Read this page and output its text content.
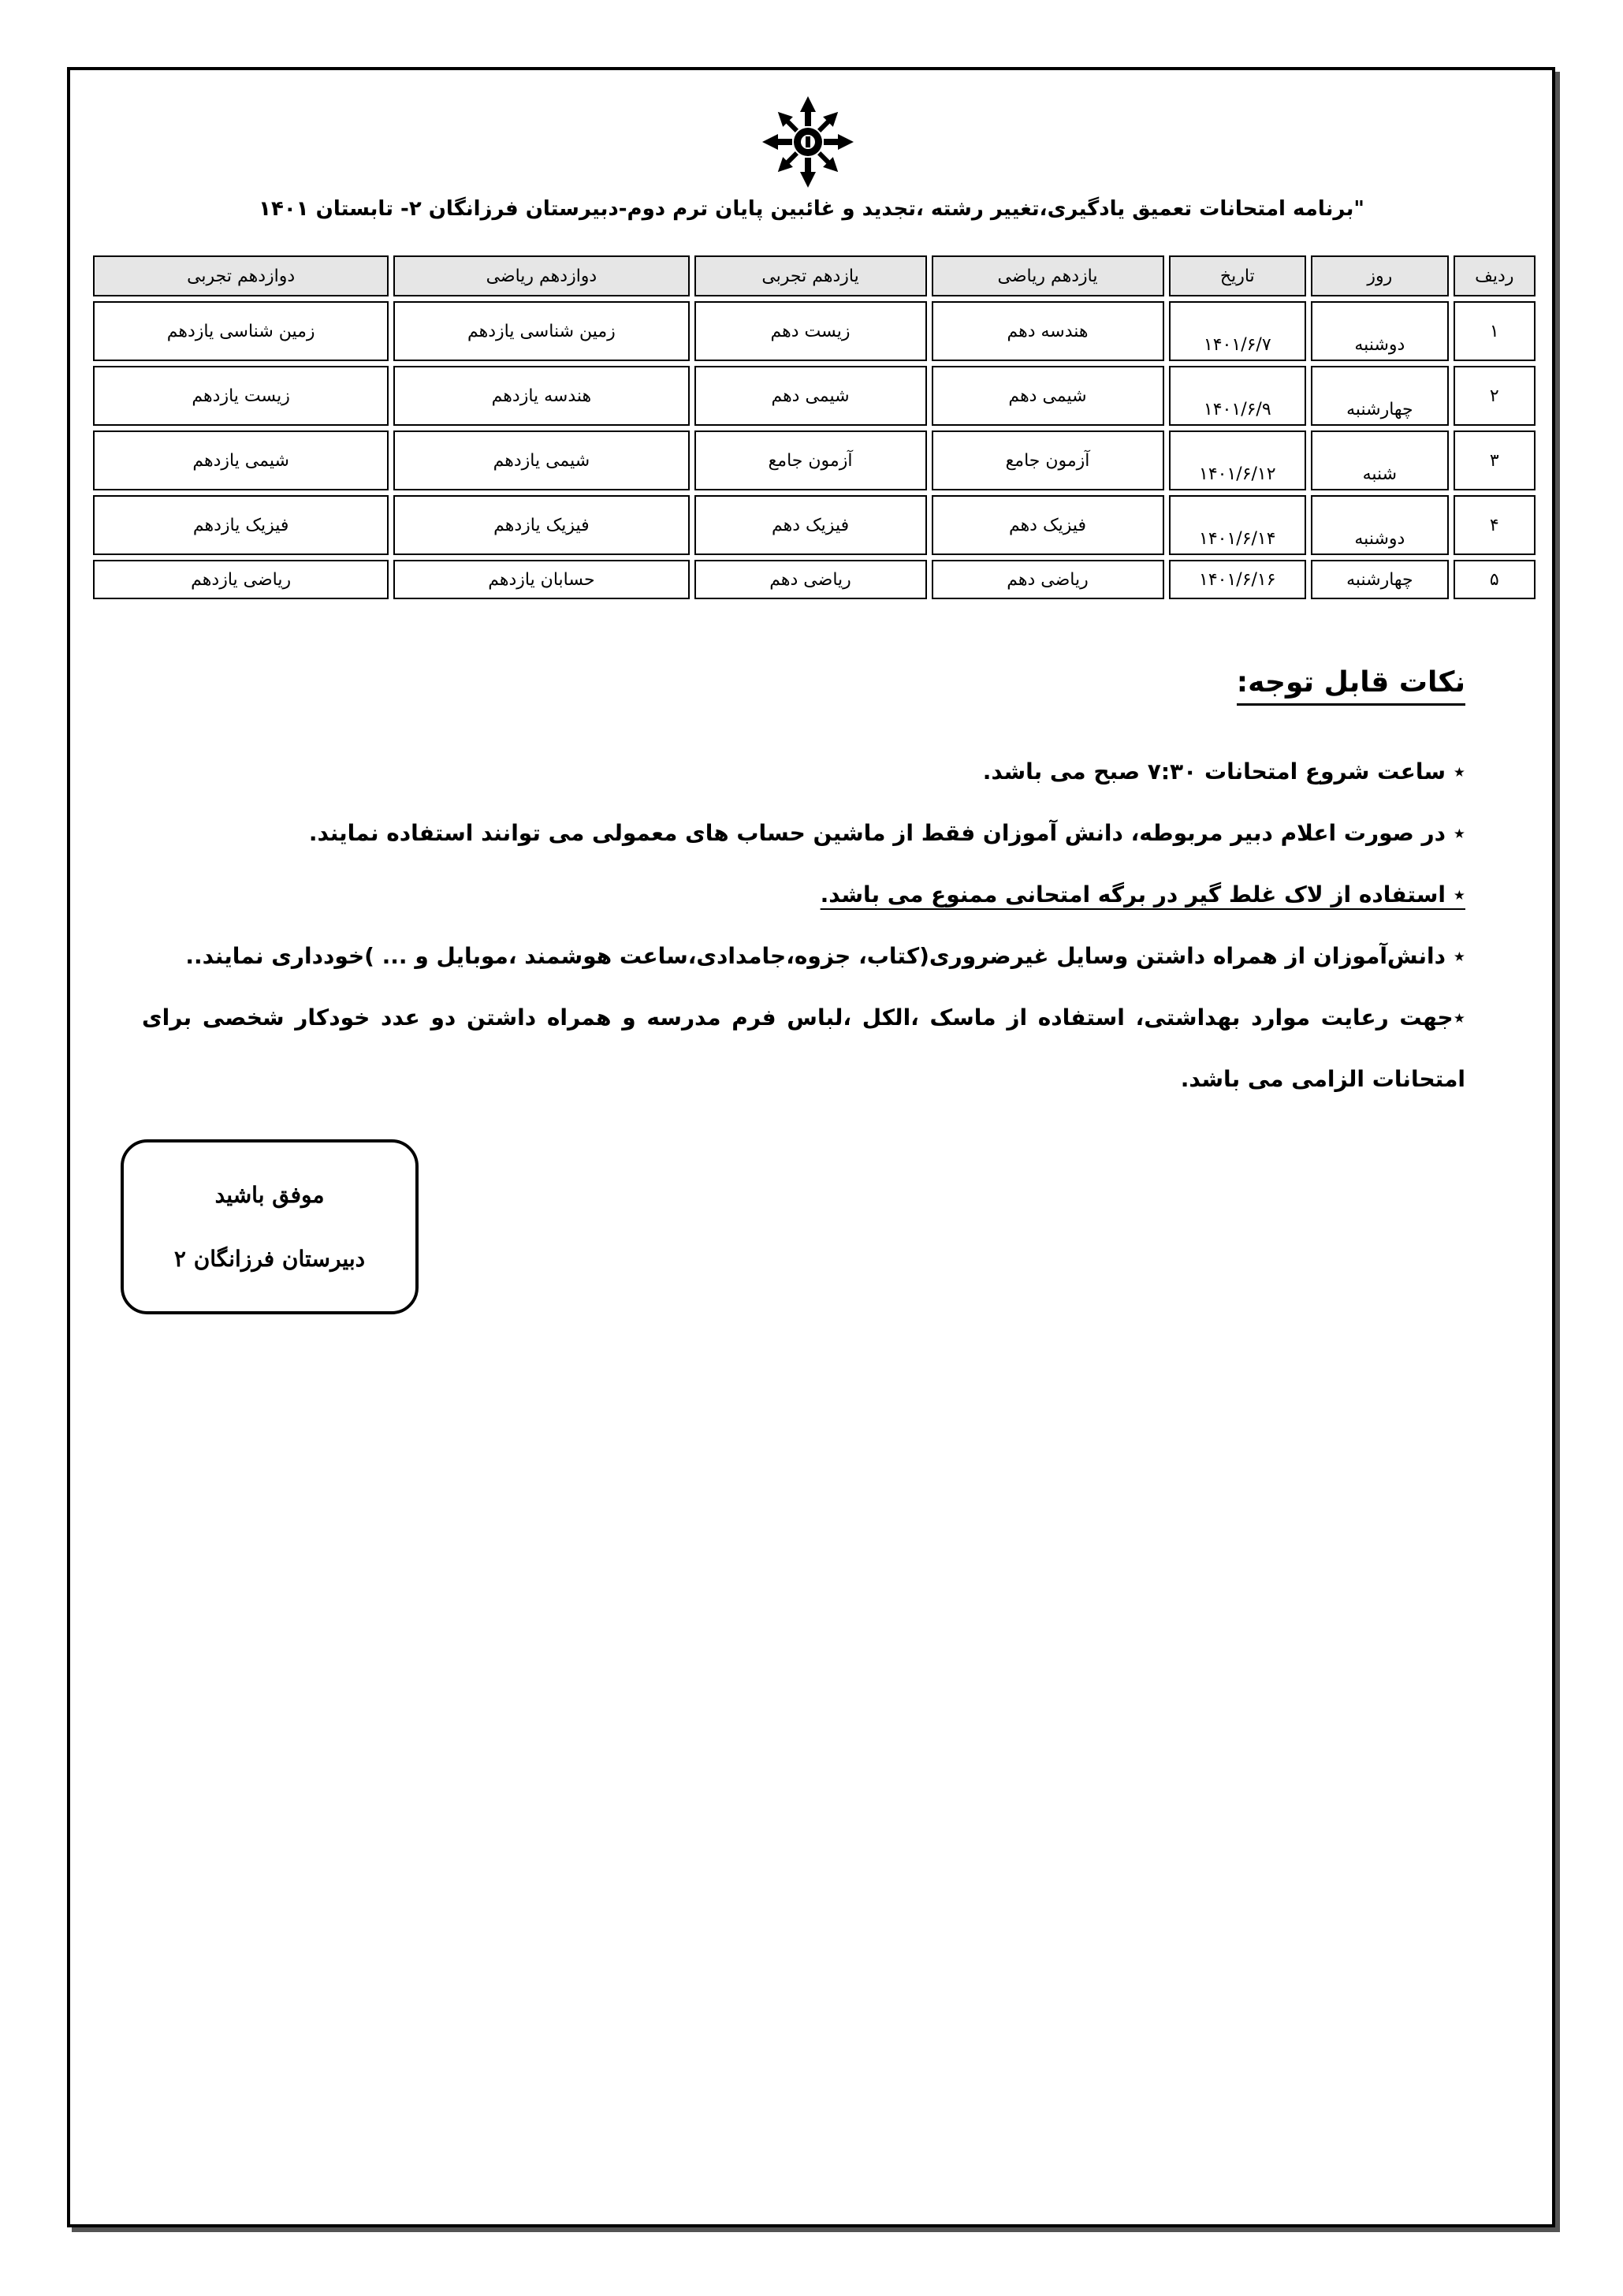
"برنامه امتحانات تعمیق یادگیری،تغییر رشته ،تجدید و غائبین پایان ترم دوم-دبیرستان فرزانگان ۲- تابستان ۱۴۰۱
ردیف	روز	تاریخ	یازدهم ریاضی	یازدهم تجربی	دوازدهم ریاضی	دوازدهم تجربی
۱	دوشنبه	۱۴۰۱/۶/۷	هندسه دهم	زیست دهم	زمین شناسی یازدهم	زمین شناسی یازدهم
۲	چهارشنبه	۱۴۰۱/۶/۹	شیمی دهم	شیمی دهم	هندسه یازدهم	زیست یازدهم
۳	شنبه	۱۴۰۱/۶/۱۲	آزمون جامع	آزمون جامع	شیمی یازدهم	شیمی یازدهم
۴	دوشنبه	۱۴۰۱/۶/۱۴	فیزیک دهم	فیزیک دهم	فیزیک یازدهم	فیزیک یازدهم
۵	چهارشنبه	۱۴۰۱/۶/۱۶	ریاضی دهم	ریاضی دهم	حسابان یازدهم	ریاضی یازدهم
نکات قابل توجه:
٭ ساعت شروع امتحانات ۷:۳۰ صبح می باشد.
٭ در صورت اعلام دبیر مربوطه، دانش آموزان فقط از ماشین حساب های معمولی می توانند استفاده نمایند.
٭ استفاده از لاک غلط گیر در برگه امتحانی ممنوع می باشد.
٭ دانش‌آموزان از همراه داشتن وسایل غیرضروری(کتاب، جزوه،جامدادی،ساعت هوشمند ،موبایل و ... )خودداری نمایند..
٭جهت رعایت موارد بهداشتی، استفاده از ماسک ،الکل ،لباس فرم مدرسه و همراه داشتن دو عدد خودکار شخصی برای امتحانات الزامی می باشد.
موفق باشید
دبیرستان فرزانگان ۲
